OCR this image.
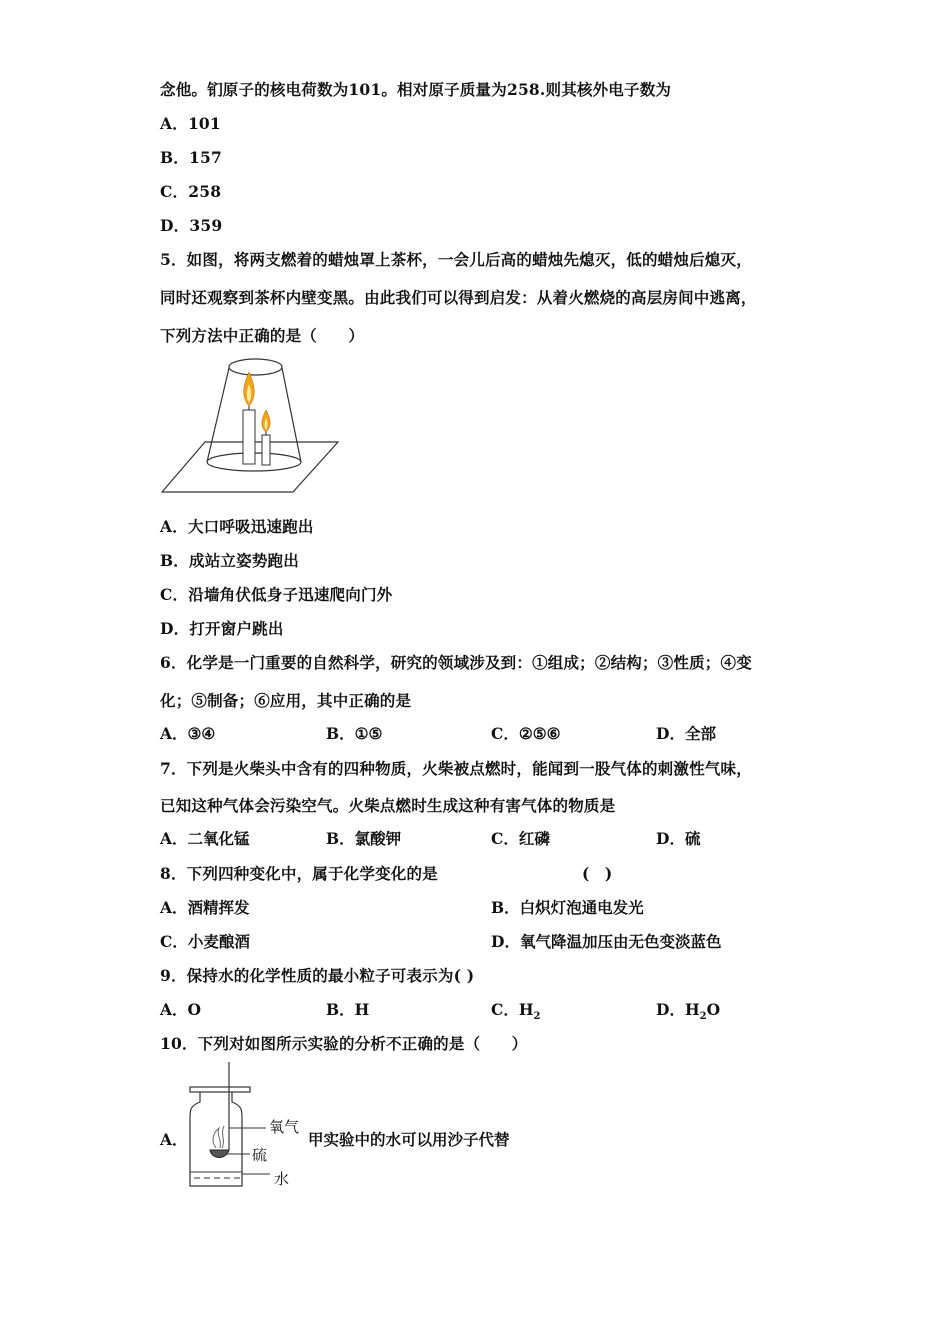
念他。钔原子的核电荷数为101。相对原子质量为258.则其核外电子数为
A．101
B．157
C．258
D．359
5．如图，将两支燃着的蜡烛罩上茶杯，一会儿后高的蜡烛先熄灭，低的蜡烛后熄灭，
同时还观察到茶杯内壁变黑。由此我们可以得到启发：从着火燃烧的高层房间中逃离，
下列方法中正确的是（　　）
A．大口呼吸迅速跑出
B．成站立姿势跑出
C．沿墙角伏低身子迅速爬向门外
D．打开窗户跳出
6．化学是一门重要的自然科学，研究的领域涉及到：①组成；②结构；③性质；④变
化；⑤制备；⑥应用，其中正确的是
A．③④	B．①⑤	C．②⑤⑥	D．全部
7．下列是火柴头中含有的四种物质，火柴被点燃时，能闻到一股气体的刺激性气味，
已知这种气体会污染空气。火柴点燃时生成这种有害气体的物质是
A．二氧化锰	B．氯酸钾	C．红磷	D．硫
8．下列四种变化中，属于化学变化的是	(　)
A．酒精挥发	B．白炽灯泡通电发光
C．小麦酿酒	D．氧气降温加压由无色变淡蓝色
9．保持水的化学性质的最小粒子可表示为( )
A．O	B．H	C．$H_2$	D．$H_2O$
10．下列对如图所示实验的分析不正确的是（　　）
A．
氧气
硫
水
甲实验中的水可以用沙子代替
